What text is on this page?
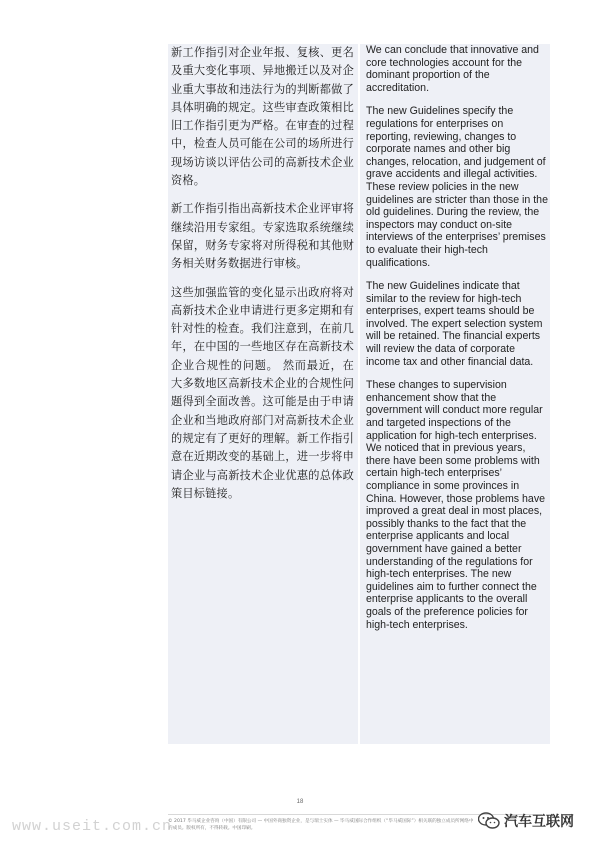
新工作指引对企业年报、复核、更名及重大变化事项、异地搬迁以及对企业重大事故和违法行为的判断都做了具体明确的规定。这些审查政策相比旧工作指引更为严格。在审查的过程中，检查人员可能在公司的场所进行现场访谈以评估公司的高新技术企业资格。

新工作指引指出高新技术企业评审将继续沿用专家组。专家选取系统继续保留，财务专家将对所得税和其他财务相关财务数据进行审核。

这些加强监管的变化显示出政府将对高新技术企业申请进行更多定期和有针对性的检查。我们注意到，在前几年，在中国的一些地区存在高新技术企业合规性的问题。 然而最近，在大多数地区高新技术企业的合规性问题得到全面改善。这可能是由于申请企业和当地政府部门对高新技术企业的规定有了更好的理解。新工作指引意在近期改变的基础上，进一步将申请企业与高新技术企业优惠的总体政策目标链接。

We can conclude that innovative and core technologies account for the dominant proportion of the accreditation.

The new Guidelines specify the regulations for enterprises on reporting, reviewing, changes to corporate names and other big changes, relocation, and judgement of grave accidents and illegal activities. These review policies in the new guidelines are stricter than those in the old guidelines. During the review, the inspectors may conduct on-site interviews of the enterprises’ premises to evaluate their high-tech qualifications.

The new Guidelines indicate that similar to the review for high-tech enterprises, expert teams should be involved. The expert selection system will be retained. The financial experts will review the data of corporate income tax and other financial data.

These changes to supervision enhancement show that the government will conduct more regular and targeted inspections of the application for high-tech enterprises. We noticed that in previous years, there have been some problems with certain high-tech enterprises’ compliance in some provinces in China. However, those problems have improved a great deal in most places, possibly thanks to the fact that the enterprise applicants and local government have gained a better understanding of the regulations for high-tech enterprises. The new guidelines aim to further connect the enterprise applicants to the overall goals of the preference policies for high-tech enterprises.

18
© 2017 毕马威企业咨询（中国）有限公司 — 中国外商独资企业，是与瑞士实体 — 毕马威国际合作组织（“毕马威国际”）相关联的独立成员所网络中的成员。版权所有，不得转载。中国印刷。
www.useit.com.cn	汽车互联网
